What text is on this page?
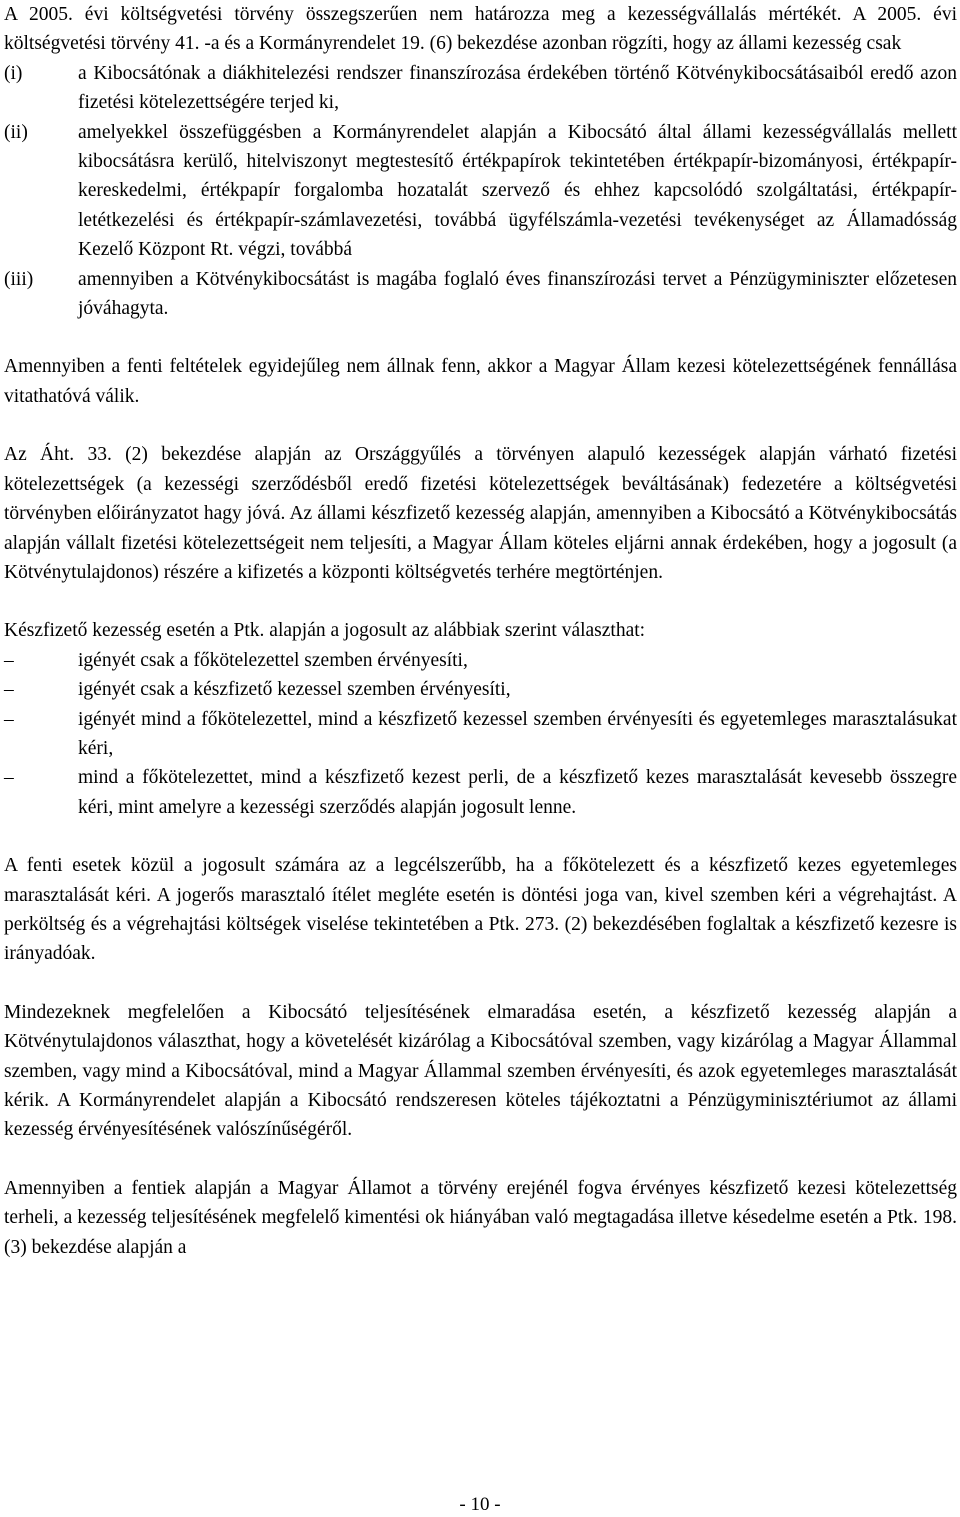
A 2005. évi költségvetési törvény összegszerűen nem határozza meg a kezességvállalás mértékét. A 2005. évi költségvetési törvény 41. -a és a Kormányrendelet 19. (6) bekezdése azonban rögzíti, hogy az állami kezesség csak

(i)	a Kibocsátónak a diákhitelezési rendszer finanszírozása érdekében történő Kötvénykibocsátásaiból eredő azon fizetési kötelezettségére terjed ki,
(ii)	amelyekkel összefüggésben a Kormányrendelet alapján a Kibocsátó által állami kezességvállalás mellett kibocsátásra kerülő, hitelviszonyt megtestesítő értékpapírok tekintetében értékpapír-bizományosi, értékpapír-kereskedelmi, értékpapír forgalomba hozatalát szervező és ehhez kapcsolódó szolgáltatási, értékpapír-letétkezelési és értékpapír-számlavezetési, továbbá ügyfélszámla-vezetési tevékenységet az Államadósság Kezelő Központ Rt. végzi, továbbá
(iii)	amennyiben a Kötvénykibocsátást is magába foglaló éves finanszírozási tervet a Pénzügyminiszter előzetesen jóváhagyta.

Amennyiben a fenti feltételek egyidejűleg nem állnak fenn, akkor a Magyar Állam kezesi kötelezettségének fennállása vitathatóvá válik.

Az Áht. 33. (2) bekezdése alapján az Országgyűlés a törvényen alapuló kezességek alapján várható fizetési kötelezettségek (a kezességi szerződésből eredő fizetési kötelezettségek beváltásának) fedezetére a költségvetési törvényben előirányzatot hagy jóvá. Az állami készfizető kezesség alapján, amennyiben a Kibocsátó a Kötvénykibocsátás alapján vállalt fizetési kötelezettségeit nem teljesíti, a Magyar Állam köteles eljárni annak érdekében, hogy a jogosult (a Kötvénytulajdonos) részére a kifizetés a központi költségvetés terhére megtörténjen.

Készfizető kezesség esetén a Ptk. alapján a jogosult az alábbiak szerint választhat:

–	igényét csak a főkötelezettel szemben érvényesíti,
–	igényét csak a készfizető kezessel szemben érvényesíti,
–	igényét mind a főkötelezettel, mind a készfizető kezessel szemben érvényesíti és egyetemleges marasztalásukat kéri,
–	mind a főkötelezettet, mind a készfizető kezest perli, de a készfizető kezes marasztalását kevesebb összegre kéri, mint amelyre a kezességi szerződés alapján jogosult lenne.

A fenti esetek közül a jogosult számára az a legcélszerűbb, ha a főkötelezett és a készfizető kezes egyetemleges marasztalását kéri. A jogerős marasztaló ítélet megléte esetén is döntési joga van, kivel szemben kéri a végrehajtást. A perköltség és a végrehajtási költségek viselése tekintetében a Ptk. 273. (2) bekezdésében foglaltak a készfizető kezesre is irányadóak.

Mindezeknek megfelelően a Kibocsátó teljesítésének elmaradása esetén, a készfizető kezesség alapján a Kötvénytulajdonos választhat, hogy a követelését kizárólag a Kibocsátóval szemben, vagy kizárólag a Magyar Állammal szemben, vagy mind a Kibocsátóval, mind a Magyar Állammal szemben érvényesíti, és azok egyetemleges marasztalását kérik. A Kormányrendelet alapján a Kibocsátó rendszeresen köteles tájékoztatni a Pénzügyminisztériumot az állami kezesség érvényesítésének valószínűségéről.

Amennyiben a fentiek alapján a Magyar Államot a törvény erejénél fogva érvényes készfizető kezesi kötelezettség terheli, a kezesség teljesítésének megfelelő kimentési ok hiányában való megtagadása illetve késedelme esetén a Ptk. 198. (3) bekezdése alapján a

- 10 -
